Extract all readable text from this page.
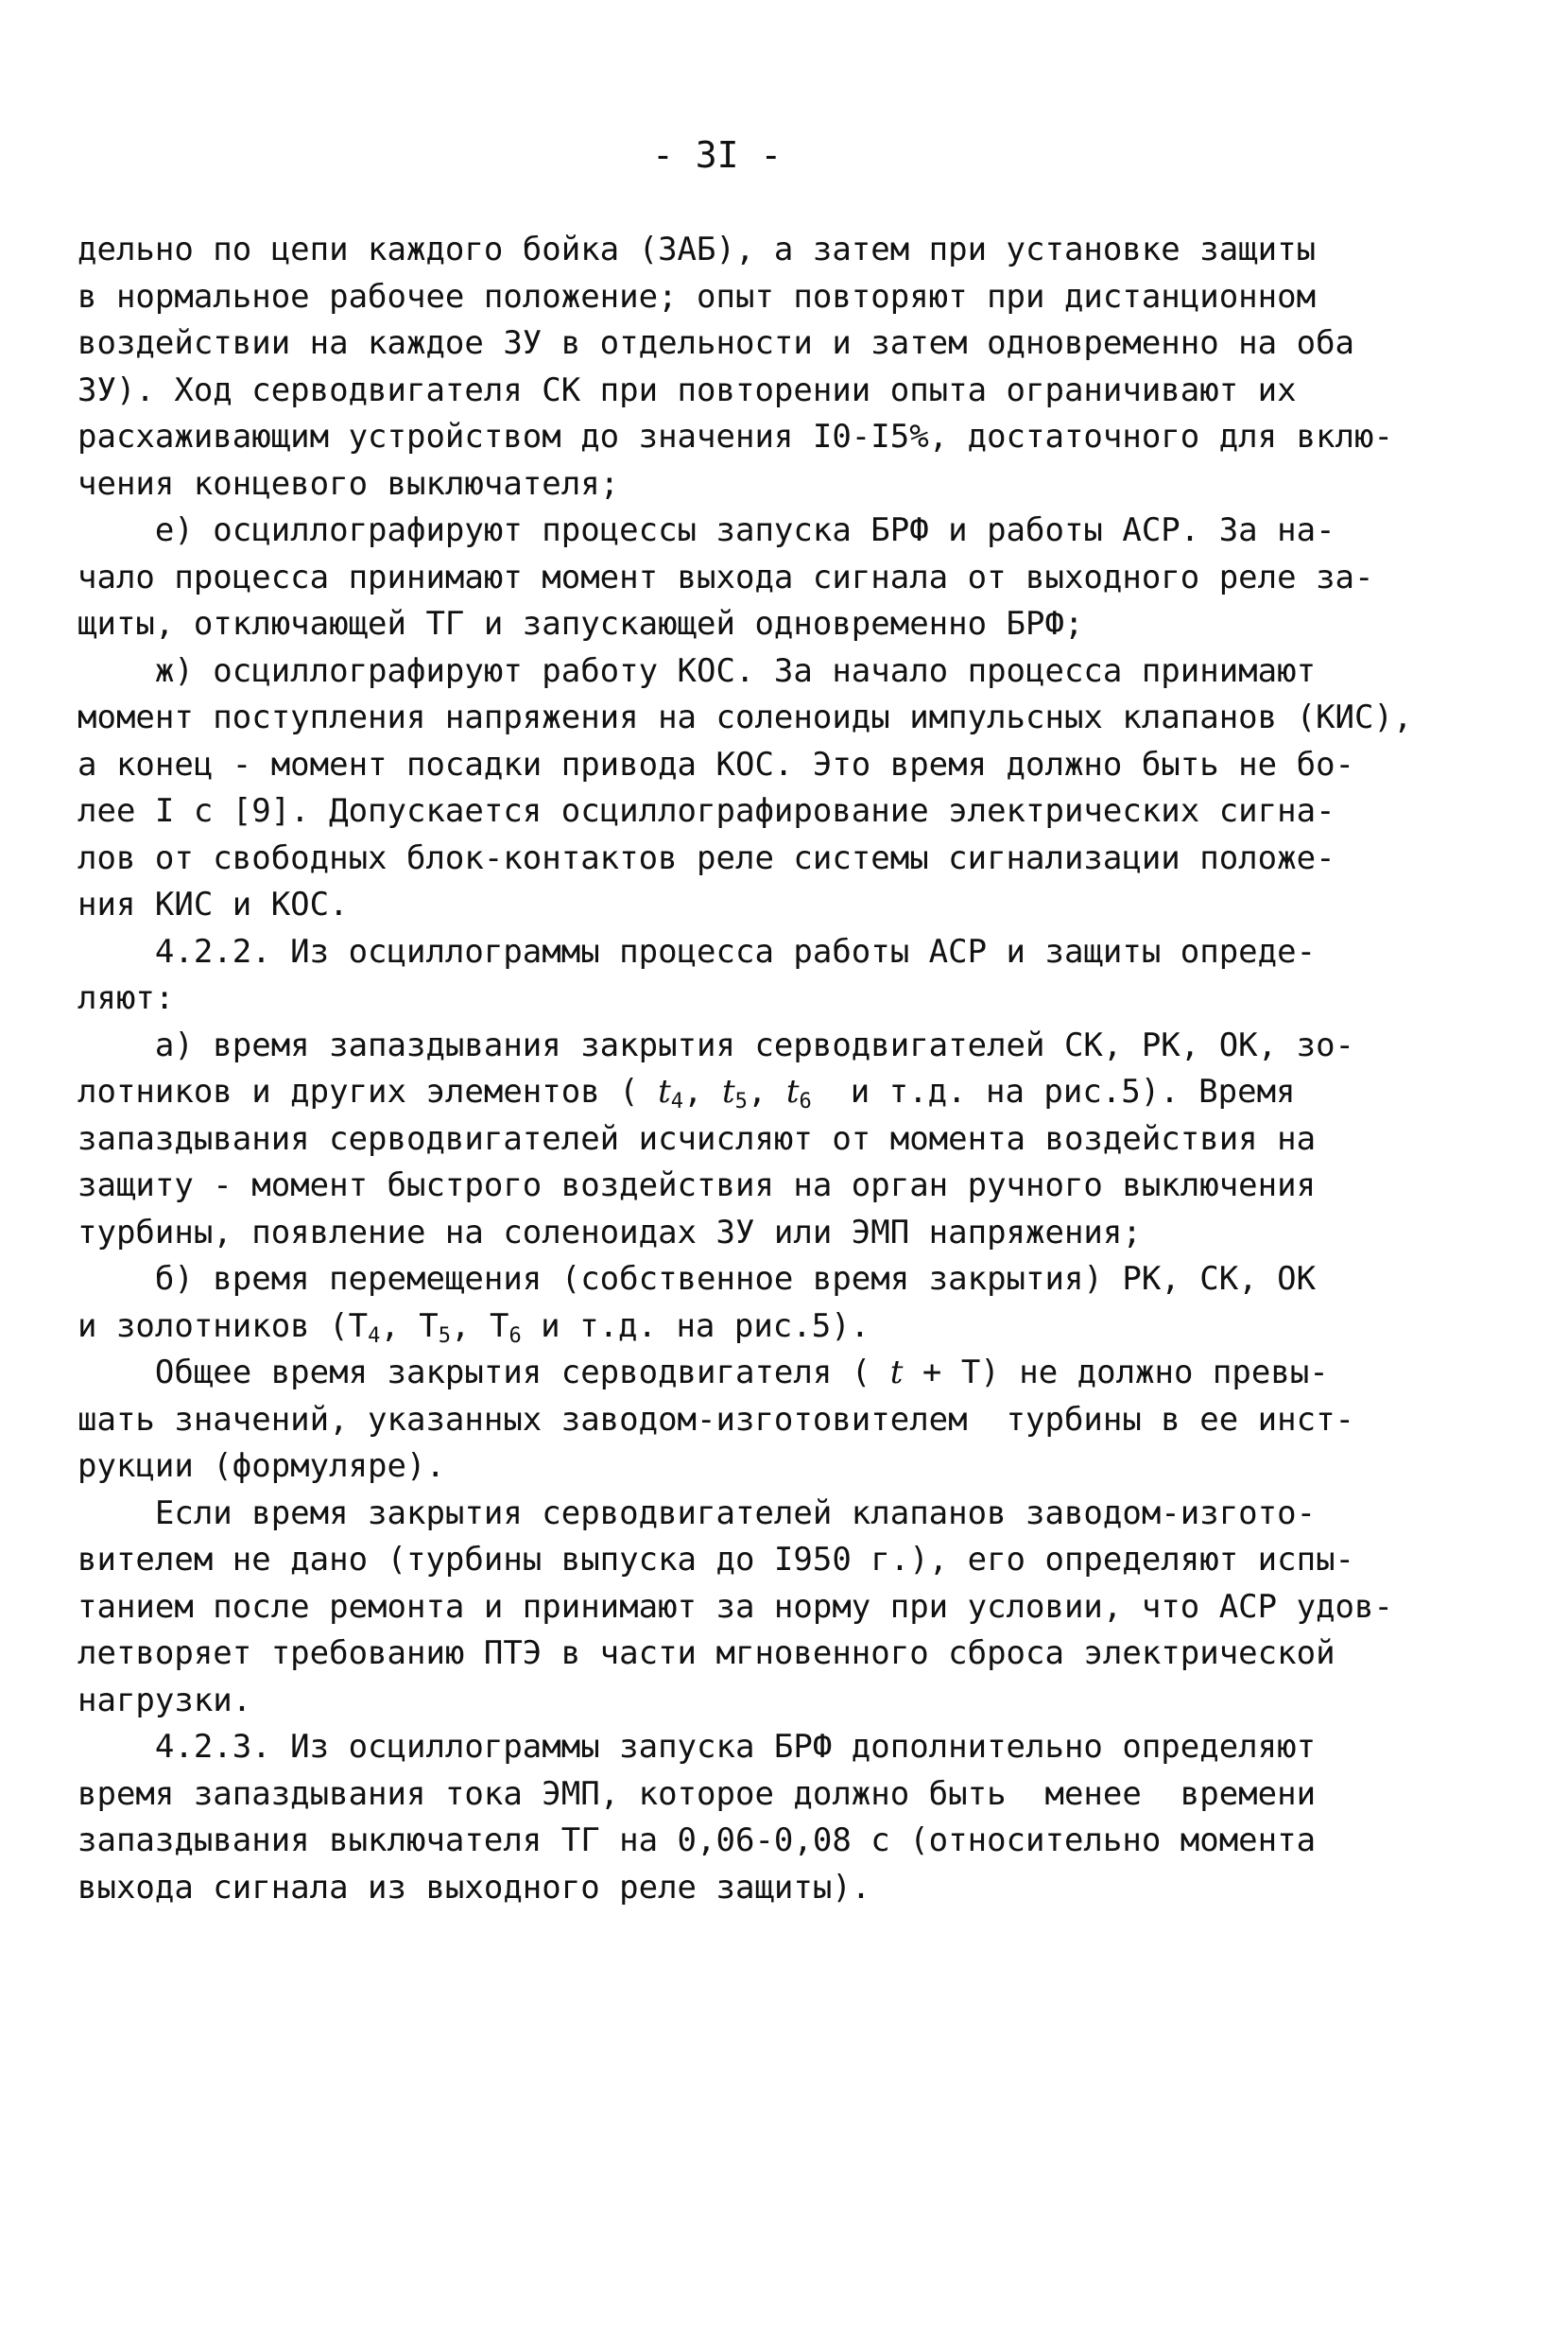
- 3I -
дельно по цепи каждого бойка (ЗАБ), а затем при установке защиты
в нормальное рабочее положение; опыт повторяют при дистанционном
воздействии на каждое ЗУ в отдельности и затем одновременно на оба
ЗУ). Ход серводвигателя СК при повторении опыта ограничивают их
расхаживающим устройством до значения I0-I5%, достаточного для вклю-
чения концевого выключателя;
е) осциллографируют процессы запуска БРФ и работы АСР. За на-
чало процесса принимают момент выхода сигнала от выходного реле за-
щиты, отключающей ТГ и запускающей одновременно БРФ;
ж) осциллографируют работу КОС. За начало процесса принимают
момент поступления напряжения на соленоиды импульсных клапанов (КИС),
а конец - момент посадки привода КОС. Это время должно быть не бо-
лее I с [9]. Допускается осциллографирование электрических сигна-
лов от свободных блок-контактов реле системы сигнализации положе-
ния КИС и КОС.
4.2.2. Из осциллограммы процесса работы АСР и защиты опреде-
ляют:
а) время запаздывания закрытия серводвигателей СК, РК, ОК, зо-
лотников и других элементов ( $t_4$, $t_5$, $t_6$  и т.д. на рис.5). Время
запаздывания серводвигателей исчисляют от момента воздействия на
защиту - момент быстрого воздействия на орган ручного выключения
турбины, появление на соленоидах ЗУ или ЭМП напряжения;
б) время перемещения (собственное время закрытия) РК, СК, ОК
и золотников ($Т_4$, $Т_5$, $Т_6$ и т.д. на рис.5).
Общее время закрытия серводвигателя ( t + Т) не должно превы-
шать значений, указанных заводом-изготовителем  турбины в ее инст-
рукции (формуляре).
Если время закрытия серводвигателей клапанов заводом-изгото-
вителем не дано (турбины выпуска до I950 г.), его определяют испы-
танием после ремонта и принимают за норму при условии, что АСР удов-
летворяет требованию ПТЭ в части мгновенного сброса электрической
нагрузки.
4.2.3. Из осциллограммы запуска БРФ дополнительно определяют
время запаздывания тока ЭМП, которое должно быть  менее  времени
запаздывания выключателя ТГ на 0,06-0,08 с (относительно момента
выхода сигнала из выходного реле защиты).
